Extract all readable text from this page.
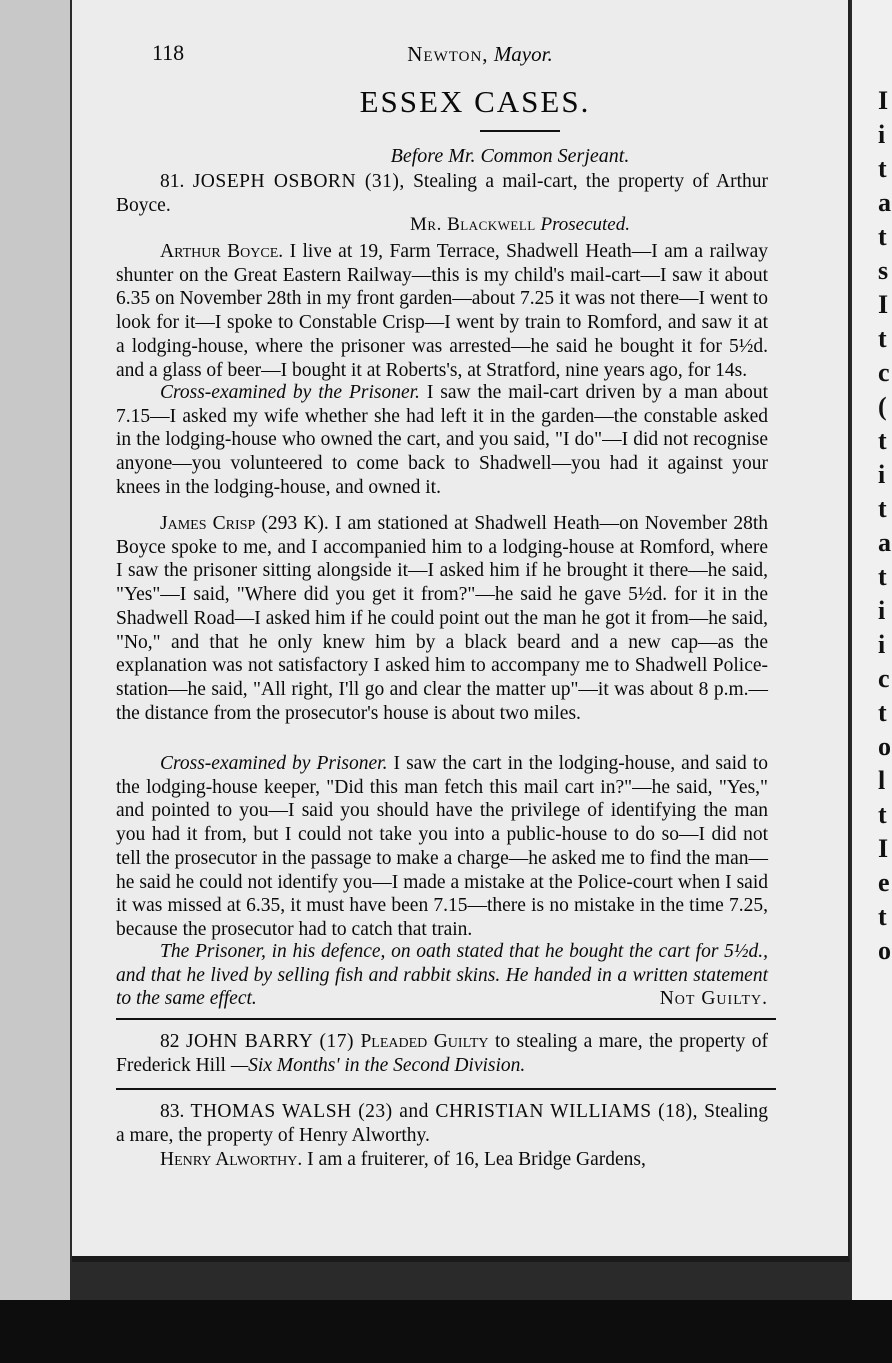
I
i
t
a
t
s
I
t
c
(
t
i
t
a
t
i
i
c
t
o
l
t
I
e
t
o
118	Newton, Mayor.
ESSEX CASES.
Before Mr. Common Serjeant.
81. JOSEPH OSBORN (31), Stealing a mail-cart, the property of Arthur Boyce.
Mr. Blackwell Prosecuted.
Arthur Boyce. I live at 19, Farm Terrace, Shadwell Heath—I am a railway shunter on the Great Eastern Railway—this is my child's mail-cart—I saw it about 6.35 on November 28th in my front garden—about 7.25 it was not there—I went to look for it—I spoke to Constable Crisp—I went by train to Romford, and saw it at a lodging-house, where the prisoner was arrested—he said he bought it for 5½d. and a glass of beer—I bought it at Roberts's, at Stratford, nine years ago, for 14s.
Cross-examined by the Prisoner. I saw the mail-cart driven by a man about 7.15—I asked my wife whether she had left it in the garden—the constable asked in the lodging-house who owned the cart, and you said, "I do"—I did not recognise anyone—you volunteered to come back to Shadwell—you had it against your knees in the lodging-house, and owned it.
James Crisp (293 K). I am stationed at Shadwell Heath—on November 28th Boyce spoke to me, and I accompanied him to a lodging-house at Romford, where I saw the prisoner sitting alongside it—I asked him if he brought it there—he said, "Yes"—I said, "Where did you get it from?"—he said he gave 5½d. for it in the Shadwell Road—I asked him if he could point out the man he got it from—he said, "No," and that he only knew him by a black beard and a new cap—as the explanation was not satisfactory I asked him to accompany me to Shadwell Police-station—he said, "All right, I'll go and clear the matter up"—it was about 8 p.m.—the distance from the prosecutor's house is about two miles.
Cross-examined by Prisoner. I saw the cart in the lodging-house, and said to the lodging-house keeper, "Did this man fetch this mail cart in?"—he said, "Yes," and pointed to you—I said you should have the privilege of identifying the man you had it from, but I could not take you into a public-house to do so—I did not tell the prosecutor in the passage to make a charge—he asked me to find the man—he said he could not identify you—I made a mistake at the Police-court when I said it was missed at 6.35, it must have been 7.15—there is no mistake in the time 7.25, because the prosecutor had to catch that train.
The Prisoner, in his defence, on oath stated that he bought the cart for 5½d., and that he lived by selling fish and rabbit skins. He handed in a written statement to the same effect.	Not Guilty.
82 JOHN BARRY (17) Pleaded Guilty to stealing a mare, the property of Frederick Hill —Six Months' in the Second Division.
83. THOMAS WALSH (23) and CHRISTIAN WILLIAMS (18), Stealing a mare, the property of Henry Alworthy.
Henry Alworthy. I am a fruiterer, of 16, Lea Bridge Gardens,
